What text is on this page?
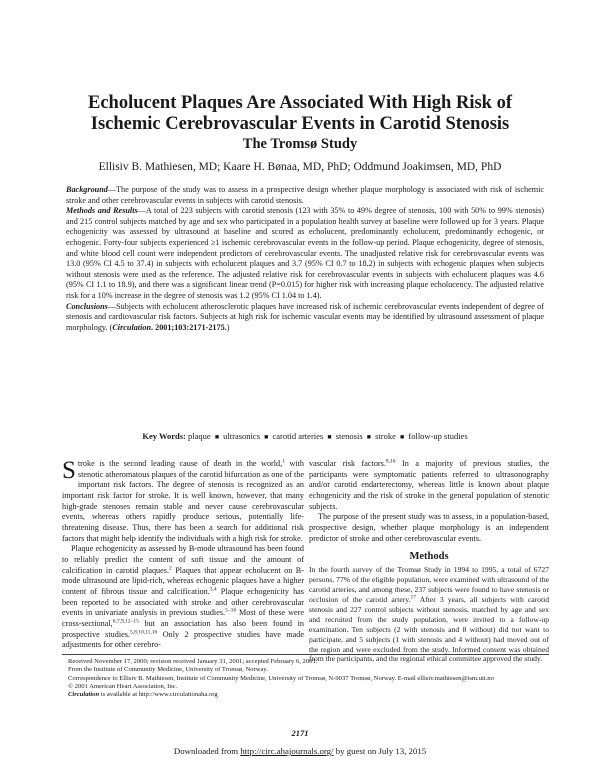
Echolucent Plaques Are Associated With High Risk of
Ischemic Cerebrovascular Events in Carotid Stenosis
The Tromsø Study
Ellisiv B. Mathiesen, MD; Kaare H. Bønaa, MD, PhD; Oddmund Joakimsen, MD, PhD

Background—The purpose of the study was to assess in a prospective design whether plaque morphology is associated with risk of ischemic stroke and other cerebrovascular events in subjects with carotid stenosis.

Methods and Results—A total of 223 subjects with carotid stenosis (123 with 35% to 49% degree of stenosis, 100 with 50% to 99% stenosis) and 215 control subjects matched by age and sex who participated in a population health survey at baseline were followed up for 3 years. Plaque echogenicity was assessed by ultrasound at baseline and scored as echolucent, predominantly echolucent, predominantly echogenic, or echogenic. Forty-four subjects experienced ≥1 ischemic cerebrovascular events in the follow-up period. Plaque echogenicity, degree of stenosis, and white blood cell count were independent predictors of cerebrovascular events. The unadjusted relative risk for cerebrovascular events was 13.0 (95% CI 4.5 to 37.4) in subjects with echolucent plaques and 3.7 (95% CI 0.7 to 18.2) in subjects with echogenic plaques when subjects without stenosis were used as the reference. The adjusted relative risk for cerebrovascular events in subjects with echolucent plaques was 4.6 (95% CI 1.1 to 18.9), and there was a significant linear trend (P=0.015) for higher risk with increasing plaque echolucency. The adjusted relative risk for a 10% increase in the degree of stenosis was 1.2 (95% CI 1.04 to 1.4).

Conclusions—Subjects with echolucent atherosclerotic plaques have increased risk of ischemic cerebrovascular events independent of degree of stenosis and cardiovascular risk factors. Subjects at high risk for ischemic vascular events may be identified by ultrasound assessment of plaque morphology. (Circulation. 2001;103:2171-2175.)

Key Words: plaque ■ ultrasonics ■ carotid arteries ■ stenosis ■ stroke ■ follow-up studies

Stroke is the second leading cause of death in the world,$^1$ with stenotic atheromatous plaques of the carotid bifurcation as one of the important risk factors. The degree of stenosis is recognized as an important risk factor for stroke. It is well known, however, that many high-grade stenoses remain stable and never cause cerebrovascular events, whereas others rapidly produce serious, potentially life-threatening disease. Thus, there has been a search for additional risk factors that might help identify the individuals with a high risk for stroke.

Plaque echogenicity as assessed by B-mode ultrasound has been found to reliably predict the content of soft tissue and the amount of calcification in carotid plaques.$^2$ Plaques that appear echolucent on B-mode ultrasound are lipid-rich, whereas echogenic plaques have a higher content of fibrous tissue and calcification.$^{3,4}$ Plaque echogenicity has been reported to be associated with stroke and other cerebrovascular events in univariate analysis in previous studies.$^{5-16}$ Most of these were cross-sectional,$^{6,7,9,12-15}$ but an association has also been found in prospective studies.$^{5,8,10,11,16}$ Only 2 prospective studies have made adjustments for other cerebro-

vascular risk factors.$^{8,16}$ In a majority of previous studies, the participants were symptomatic patients referred to ultrasonography and/or carotid endarterectomy, whereas little is known about plaque echogenicity and the risk of stroke in the general population of stenotic subjects.

The purpose of the present study was to assess, in a population-based, prospective design, whether plaque morphology is an independent predictor of stroke and other cerebrovascular events.

Methods

In the fourth survey of the Tromsø Study in 1994 to 1995, a total of 6727 persons, 77% of the eligible population, were examined with ultrasound of the carotid arteries, and among these, 237 subjects were found to have stenosis or occlusion of the carotid artery.$^{17}$ After 3 years, all subjects with carotid stenosis and 227 control subjects without stenosis, matched by age and sex and recruited from the study population, were invited to a follow-up examination. Ten subjects (2 with stenosis and 8 without) did not want to participate, and 5 subjects (1 with stenosis and 4 without) had moved out of the region and were excluded from the study. Informed consent was obtained from the participants, and the regional ethical committee approved the study.

Received November 17, 2000; revision received January 31, 2001; accepted February 6, 2001.

From the Institute of Community Medicine, University of Tromsø, Norway.

Correspondence to Ellisiv B. Mathiesen, Institute of Community Medicine, University of Tromsø, N-9037 Tromsø, Norway. E-mail ellisiv.mathiesen@ism.uit.no

© 2001 American Heart Association, Inc.

Circulation is available at http://www.circulationaha.org

2171
Downloaded from http://circ.ahajournals.org/ by guest on July 13, 2015
